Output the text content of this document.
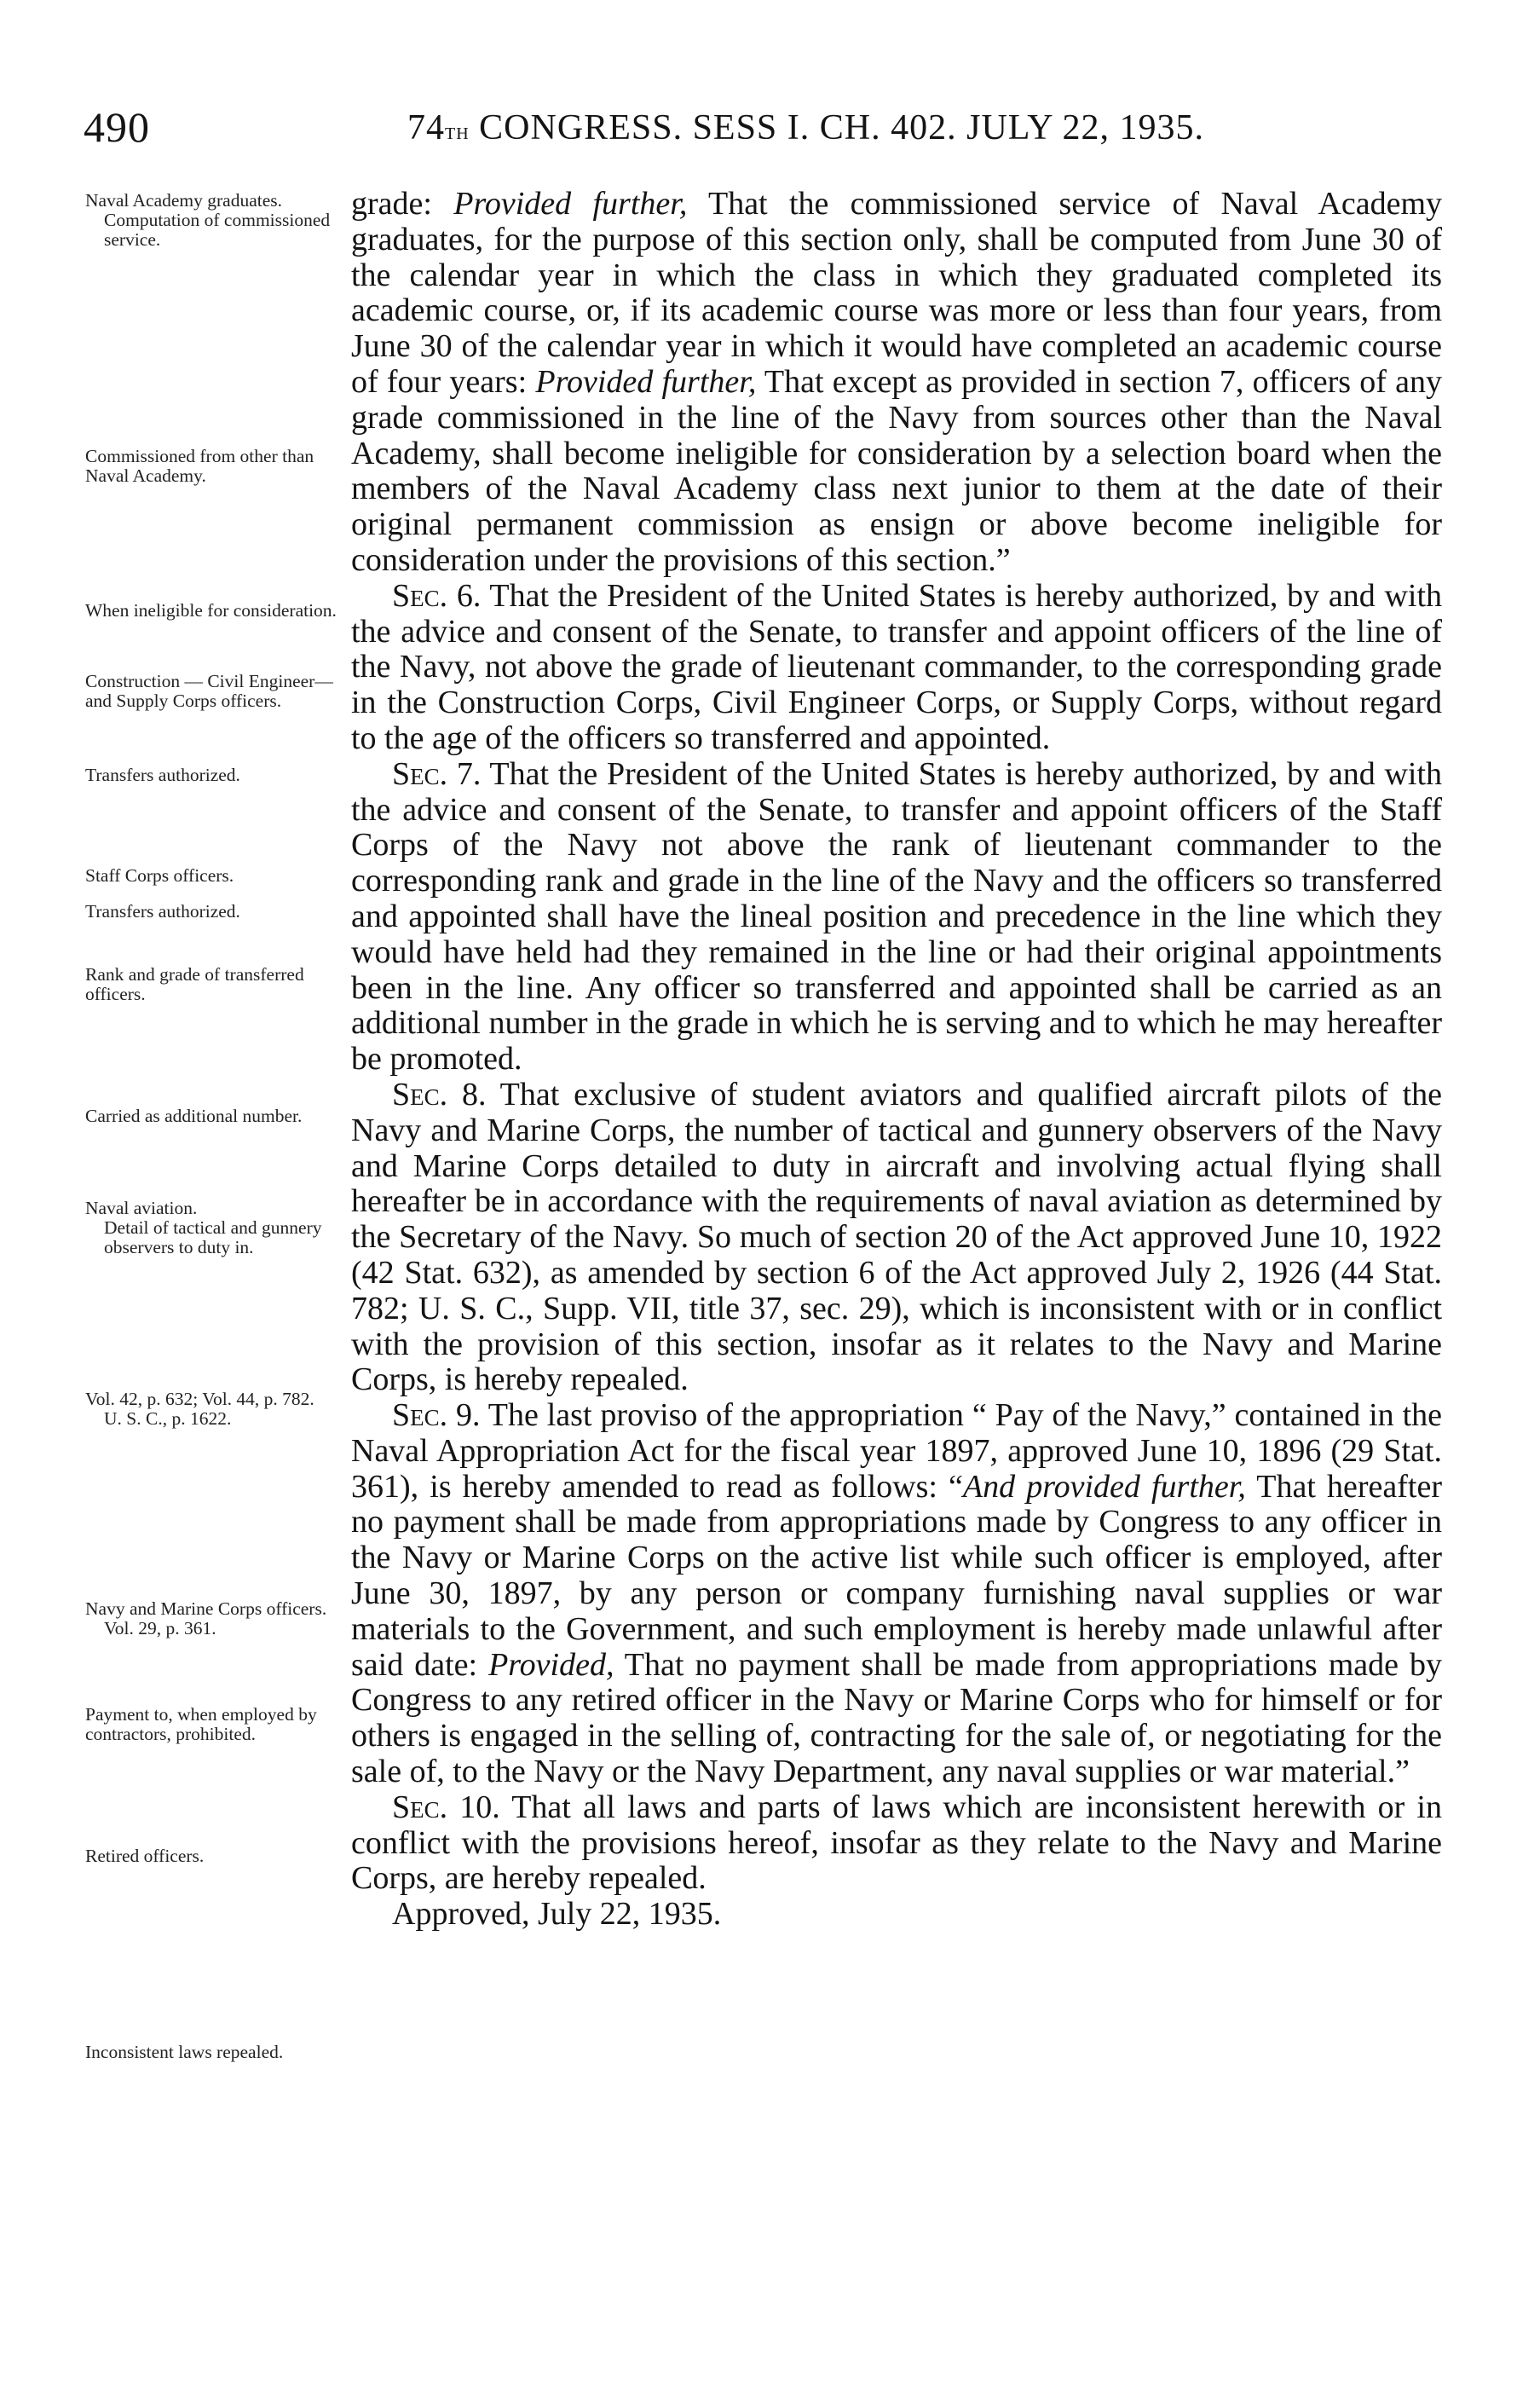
490	74th CONGRESS. SESS I. CH. 402. JULY 22, 1935.
Naval Academy graduates.
Computation of commissioned service.
Commissioned from other than Naval Academy.
When ineligible for consideration.
Construction — Civil Engineer—and Supply Corps officers.
Transfers authorized.
Staff Corps officers.
Transfers authorized.
Rank and grade of transferred officers.
Carried as additional number.
Naval aviation.
Detail of tactical and gunnery observers to duty in.
Vol. 42, p. 632; Vol. 44, p. 782.
U. S. C., p. 1622.
Navy and Marine Corps officers.
Vol. 29, p. 361.
Payment to, when employed by contractors, prohibited.
Retired officers.
Inconsistent laws repealed.

grade: Provided further, That the commissioned service of Naval Academy graduates, for the purpose of this section only, shall be computed from June 30 of the calendar year in which the class in which they graduated completed its academic course, or, if its academic course was more or less than four years, from June 30 of the calendar year in which it would have completed an academic course of four years: Provided further, That except as provided in section 7, officers of any grade commissioned in the line of the Navy from sources other than the Naval Academy, shall become ineligible for consideration by a selection board when the members of the Naval Academy class next junior to them at the date of their original permanent commission as ensign or above become ineligible for consideration under the provisions of this section.”

Sec. 6. That the President of the United States is hereby authorized, by and with the advice and consent of the Senate, to transfer and appoint officers of the line of the Navy, not above the grade of lieutenant commander, to the corresponding grade in the Construction Corps, Civil Engineer Corps, or Supply Corps, without regard to the age of the officers so transferred and appointed.

Sec. 7. That the President of the United States is hereby authorized, by and with the advice and consent of the Senate, to transfer and appoint officers of the Staff Corps of the Navy not above the rank of lieutenant commander to the corresponding rank and grade in the line of the Navy and the officers so transferred and appointed shall have the lineal position and precedence in the line which they would have held had they remained in the line or had their original appointments been in the line. Any officer so transferred and appointed shall be carried as an additional number in the grade in which he is serving and to which he may hereafter be promoted.

Sec. 8. That exclusive of student aviators and qualified aircraft pilots of the Navy and Marine Corps, the number of tactical and gunnery observers of the Navy and Marine Corps detailed to duty in aircraft and involving actual flying shall hereafter be in accordance with the requirements of naval aviation as determined by the Secretary of the Navy. So much of section 20 of the Act approved June 10, 1922 (42 Stat. 632), as amended by section 6 of the Act approved July 2, 1926 (44 Stat. 782; U. S. C., Supp. VII, title 37, sec. 29), which is inconsistent with or in conflict with the provision of this section, insofar as it relates to the Navy and Marine Corps, is hereby repealed.

Sec. 9. The last proviso of the appropriation “ Pay of the Navy,” contained in the Naval Appropriation Act for the fiscal year 1897, approved June 10, 1896 (29 Stat. 361), is hereby amended to read as follows: “And provided further, That hereafter no payment shall be made from appropriations made by Congress to any officer in the Navy or Marine Corps on the active list while such officer is employed, after June 30, 1897, by any person or company furnishing naval supplies or war materials to the Government, and such employment is hereby made unlawful after said date: Provided, That no payment shall be made from appropriations made by Congress to any retired officer in the Navy or Marine Corps who for himself or for others is engaged in the selling of, contracting for the sale of, or negotiating for the sale of, to the Navy or the Navy Department, any naval supplies or war material.”

Sec. 10. That all laws and parts of laws which are inconsistent herewith or in conflict with the provisions hereof, insofar as they relate to the Navy and Marine Corps, are hereby repealed.

Approved, July 22, 1935.
